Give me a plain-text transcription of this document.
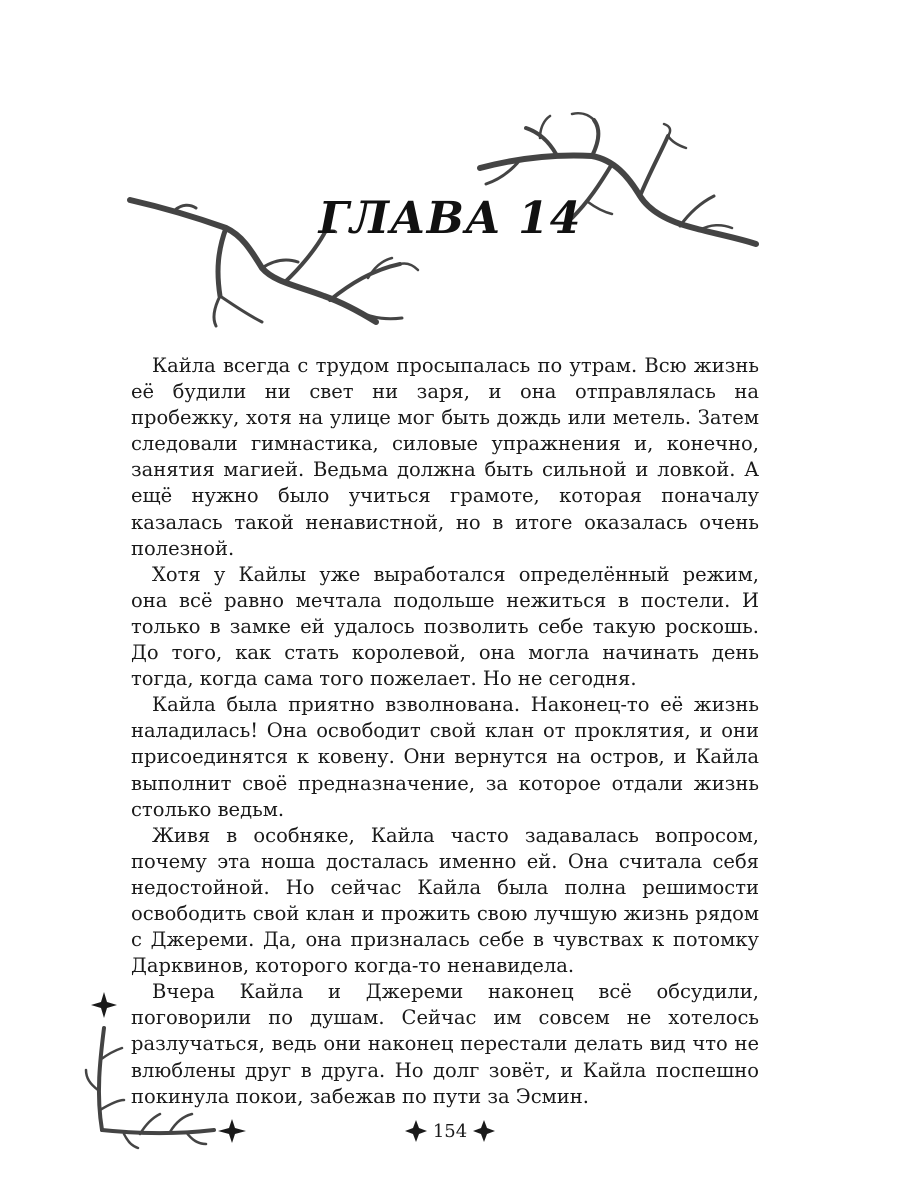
ГЛАВА 14

Кайла всегда с трудом просыпалась по утрам. Всю жизнь её будили ни свет ни заря, и она отправлялась на пробежку, хотя на улице мог быть дождь или метель. Затем следовали гимнастика, силовые упражнения и, конечно, занятия магией. Ведьма должна быть сильной и ловкой. А ещё нужно было учиться грамоте, которая поначалу казалась такой ненавистной, но в итоге оказалась очень полезной.

Хотя у Кайлы уже выработался определённый режим, она всё равно мечтала подольше нежиться в постели. И только в замке ей удалось позволить себе такую роскошь. До того, как стать королевой, она могла начинать день тогда, когда сама того пожелает. Но не сегодня.

Кайла была приятно взволнована. Наконец-то её жизнь наладилась! Она освободит свой клан от проклятия, и они присоединятся к ковену. Они вернутся на остров, и Кайла выполнит своё предназначение, за которое отдали жизнь столько ведьм.

Живя в особняке, Кайла часто задавалась вопросом, почему эта ноша досталась именно ей. Она считала себя недостойной. Но сейчас Кайла была полна решимости освободить свой клан и прожить свою лучшую жизнь рядом с Джереми. Да, она призналась себе в чувствах к потомку Дарквинов, которого когда-то ненавидела.

Вчера Кайла и Джереми наконец всё обсудили, поговорили по душам. Сейчас им совсем не хотелось разлучаться, ведь они наконец перестали делать вид что не влюблены друг в друга. Но долг зовёт, и Кайла поспешно покинула покои, забежав по пути за Эсмин.

154
